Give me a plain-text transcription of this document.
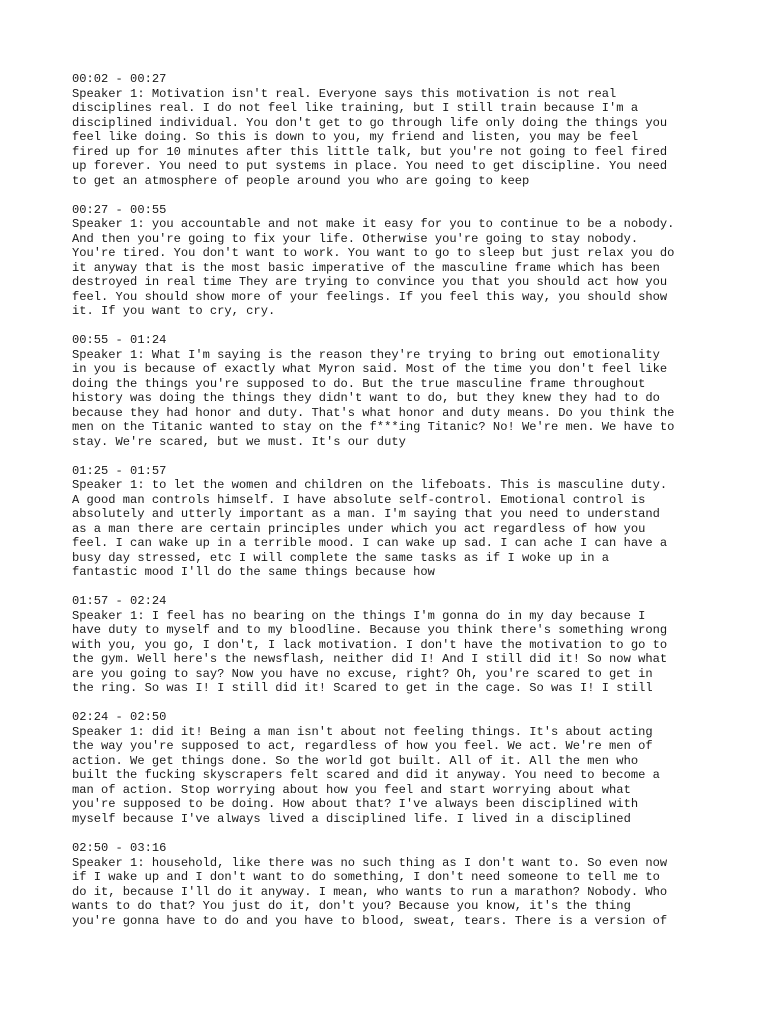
00:02 - 00:27
Speaker 1: Motivation isn't real. Everyone says this motivation is not real
disciplines real. I do not feel like training, but I still train because I'm a
disciplined individual. You don't get to go through life only doing the things you
feel like doing. So this is down to you, my friend and listen, you may be feel
fired up for 10 minutes after this little talk, but you're not going to feel fired
up forever. You need to put systems in place. You need to get discipline. You need
to get an atmosphere of people around you who are going to keep
00:27 - 00:55
Speaker 1: you accountable and not make it easy for you to continue to be a nobody.
And then you're going to fix your life. Otherwise you're going to stay nobody.
You're tired. You don't want to work. You want to go to sleep but just relax you do
it anyway that is the most basic imperative of the masculine frame which has been
destroyed in real time They are trying to convince you that you should act how you
feel. You should show more of your feelings. If you feel this way, you should show
it. If you want to cry, cry.
00:55 - 01:24
Speaker 1: What I'm saying is the reason they're trying to bring out emotionality
in you is because of exactly what Myron said. Most of the time you don't feel like
doing the things you're supposed to do. But the true masculine frame throughout
history was doing the things they didn't want to do, but they knew they had to do
because they had honor and duty. That's what honor and duty means. Do you think the
men on the Titanic wanted to stay on the f***ing Titanic? No! We're men. We have to
stay. We're scared, but we must. It's our duty
01:25 - 01:57
Speaker 1: to let the women and children on the lifeboats. This is masculine duty.
A good man controls himself. I have absolute self-control. Emotional control is
absolutely and utterly important as a man. I'm saying that you need to understand
as a man there are certain principles under which you act regardless of how you
feel. I can wake up in a terrible mood. I can wake up sad. I can ache I can have a
busy day stressed, etc I will complete the same tasks as if I woke up in a
fantastic mood I'll do the same things because how
01:57 - 02:24
Speaker 1: I feel has no bearing on the things I'm gonna do in my day because I
have duty to myself and to my bloodline. Because you think there's something wrong
with you, you go, I don't, I lack motivation. I don't have the motivation to go to
the gym. Well here's the newsflash, neither did I! And I still did it! So now what
are you going to say? Now you have no excuse, right? Oh, you're scared to get in
the ring. So was I! I still did it! Scared to get in the cage. So was I! I still
02:24 - 02:50
Speaker 1: did it! Being a man isn't about not feeling things. It's about acting
the way you're supposed to act, regardless of how you feel. We act. We're men of
action. We get things done. So the world got built. All of it. All the men who
built the fucking skyscrapers felt scared and did it anyway. You need to become a
man of action. Stop worrying about how you feel and start worrying about what
you're supposed to be doing. How about that? I've always been disciplined with
myself because I've always lived a disciplined life. I lived in a disciplined
02:50 - 03:16
Speaker 1: household, like there was no such thing as I don't want to. So even now
if I wake up and I don't want to do something, I don't need someone to tell me to
do it, because I'll do it anyway. I mean, who wants to run a marathon? Nobody. Who
wants to do that? You just do it, don't you? Because you know, it's the thing
you're gonna have to do and you have to blood, sweat, tears. There is a version of
